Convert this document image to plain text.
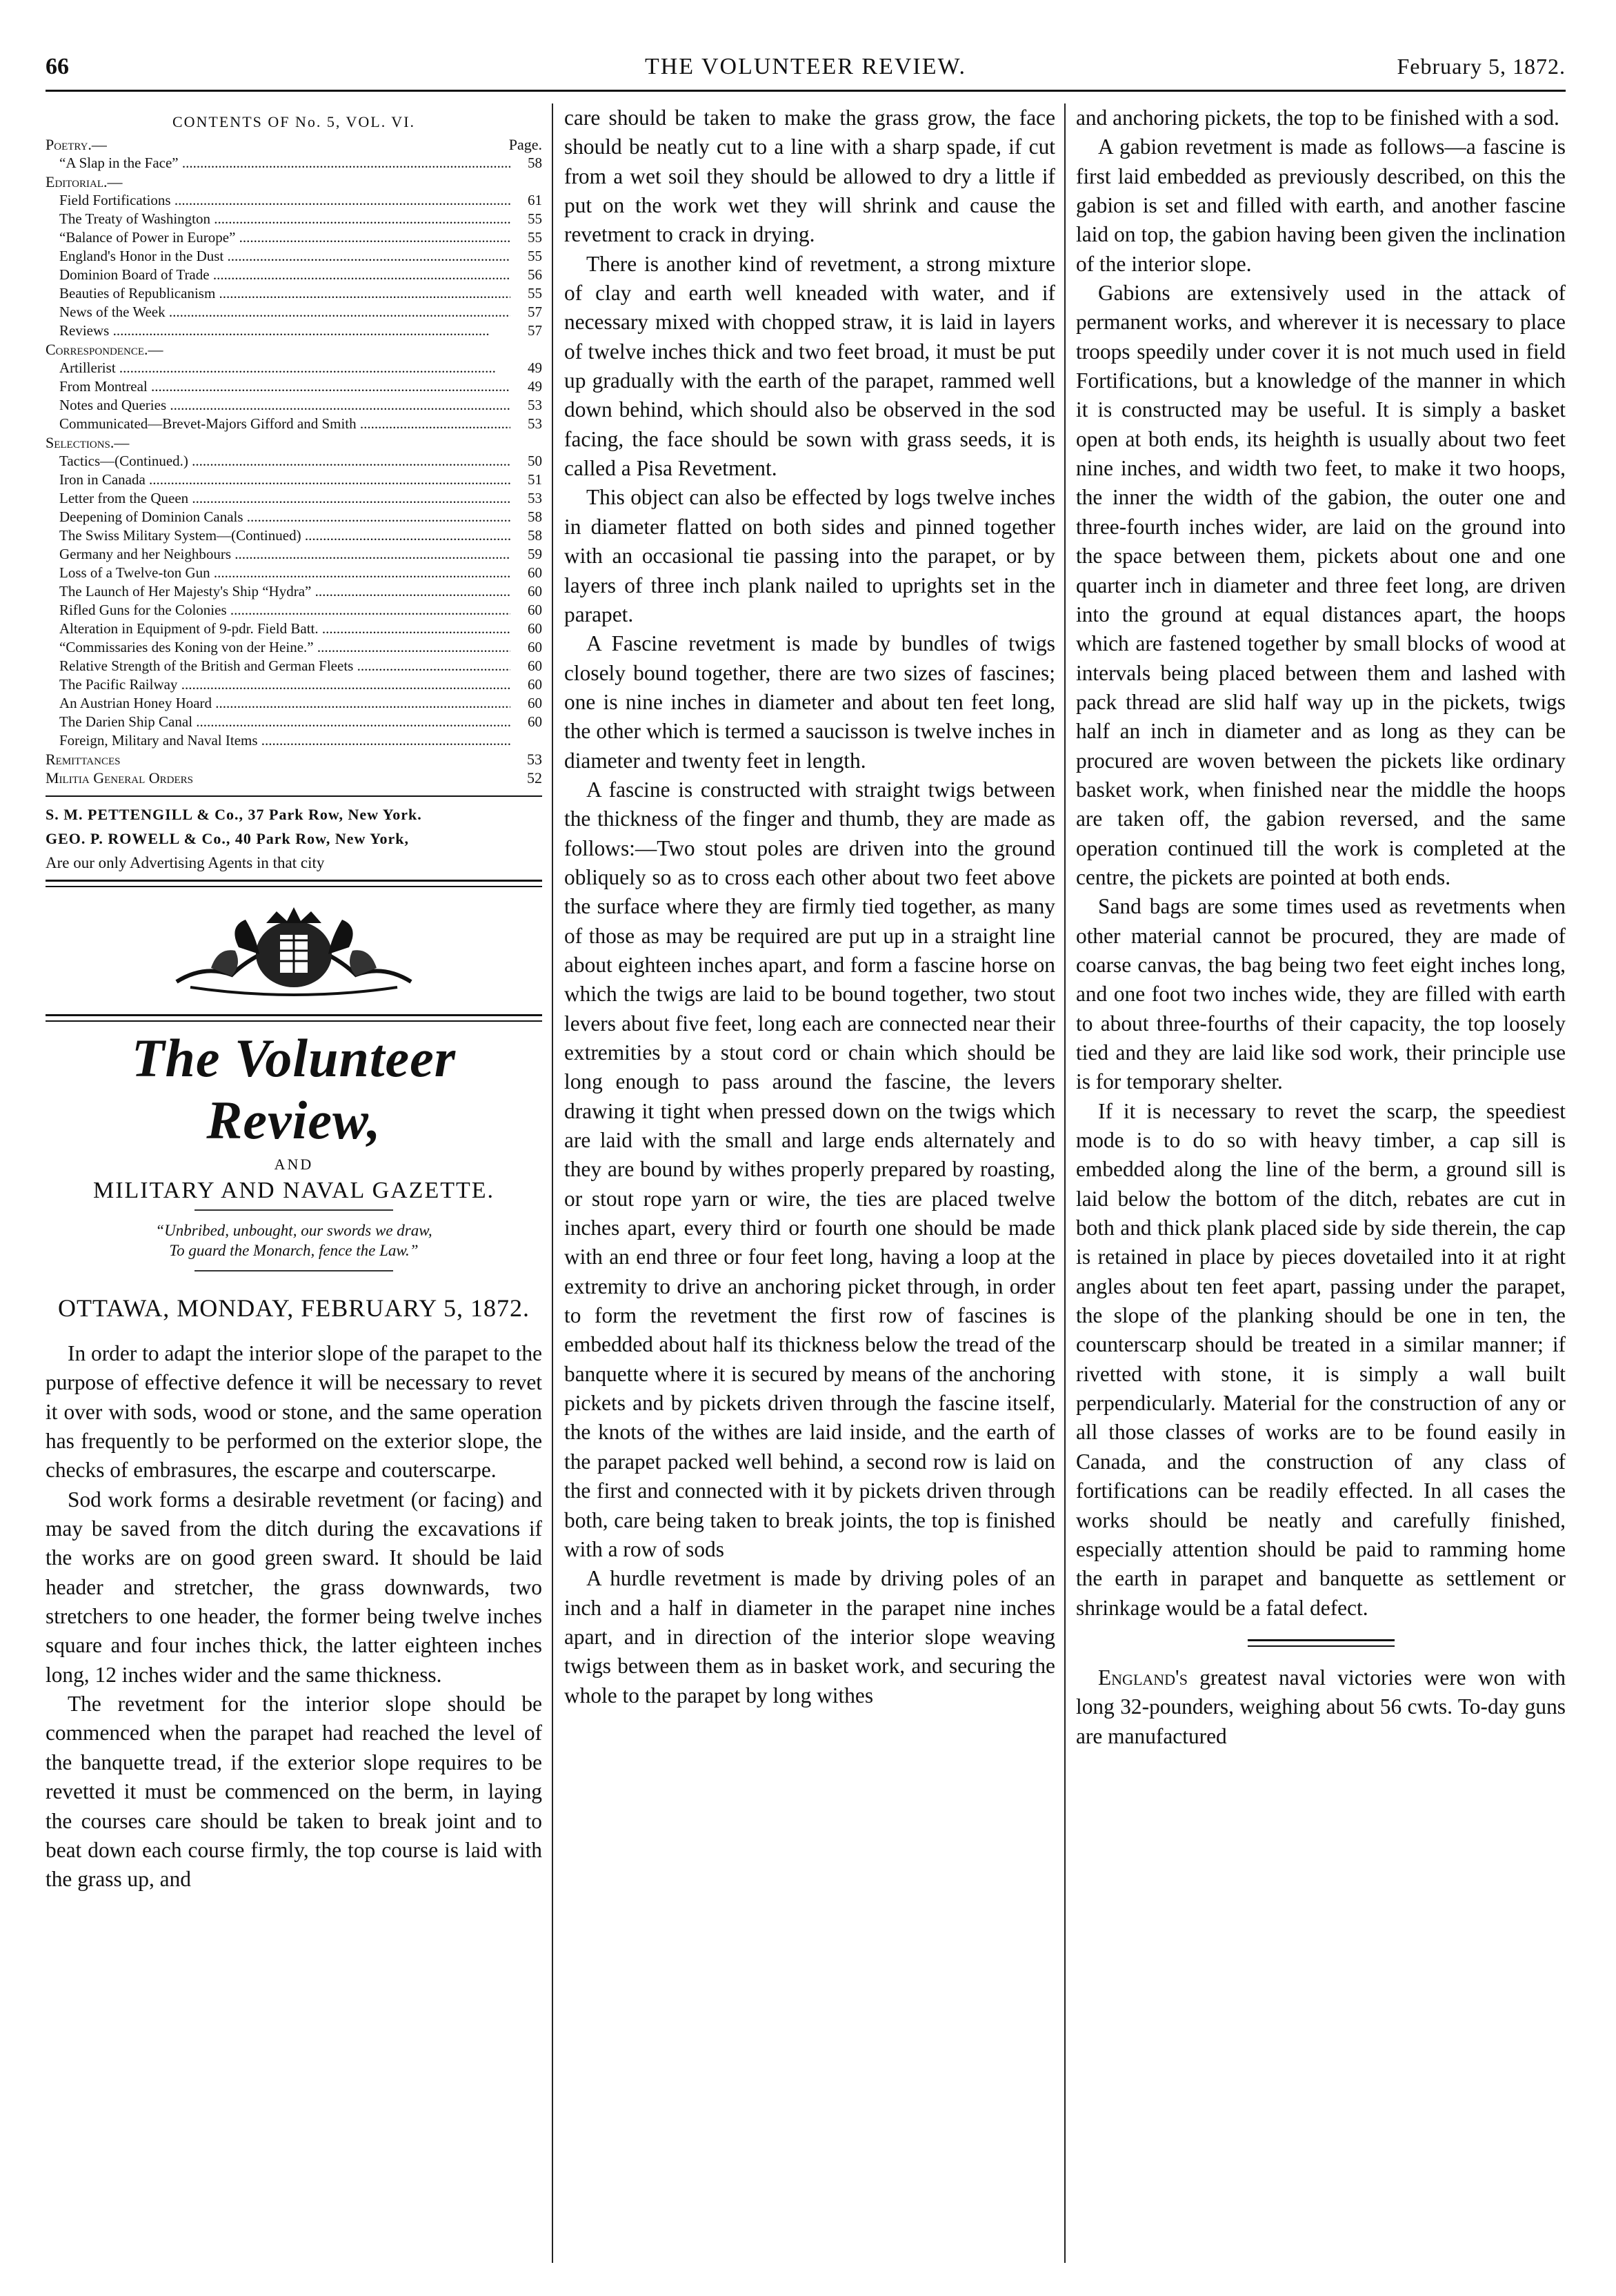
66	THE VOLUNTEER REVIEW.	February 5, 1872.
CONTENTS OF No. 5, VOL. VI.
Poetry.—	Page.
“A Slap in the Face” .....	58
Editorial.—
Field Fortifications .....	61
The Treaty of Washington .....	55
“Balance of Power in Europe” .....	55
England's Honor in the Dust .....	55
Dominion Board of Trade .....	56
Beauties of Republicanism .....	55
News of the Week .....	57
Reviews .....	57
Correspondence.—
Artillerist .....	49
From Montreal .....	49
Notes and Queries .....	53
Communicated—Brevet-Majors Gifford and Smith .....	53
Selections.—
Tactics—(Continued.) .....	50
Iron in Canada .....	51
Letter from the Queen .....	53
Deepening of Dominion Canals .....	58
The Swiss Military System—(Continued) .....	58
Germany and her Neighbours .....	59
Loss of a Twelve-ton Gun .....	60
The Launch of Her Majesty's Ship “Hydra” .....	60
Rifled Guns for the Colonies .....	60
Alteration in Equipment of 9-pdr. Field Batt. .....	60
“Commissaries des Koning von der Heine.” .....	60
Relative Strength of the British and German Fleets .....	60
The Pacific Railway .....	60
An Austrian Honey Hoard .....	60
The Darien Ship Canal .....	60
Foreign, Military and Naval Items .....
Remittances	53
Militia General Orders	52

S. M. PETTENGILL & Co., 37 Park Row, New York.

GEO. P. ROWELL & Co., 40 Park Row, New York,

Are our only Advertising Agents in that city

The Volunteer Review,
AND
MILITARY AND NAVAL GAZETTE.
“Unbribed, unbought, our swords we draw,
To guard the Monarch, fence the Law.”
OTTAWA, MONDAY, FEBRUARY 5, 1872.

In order to adapt the interior slope of the parapet to the purpose of effective defence it will be necessary to revet it over with sods, wood or stone, and the same operation has frequently to be performed on the exterior slope, the checks of embrasures, the escarpe and couterscarpe.

Sod work forms a desirable revetment (or facing) and may be saved from the ditch during the excavations if the works are on good green sward. It should be laid header and stretcher, the grass downwards, two stretchers to one header, the former being twelve inches square and four inches thick, the latter eighteen inches long, 12 inches wider and the same thickness.

The revetment for the interior slope should be commenced when the parapet had reached the level of the banquette tread, if the exterior slope requires to be revetted it must be commenced on the berm, in laying the courses care should be taken to break joint and to beat down each course firmly, the top course is laid with the grass up, and

care should be taken to make the grass grow, the face should be neatly cut to a line with a sharp spade, if cut from a wet soil they should be allowed to dry a little if put on the work wet they will shrink and cause the revetment to crack in drying.

There is another kind of revetment, a strong mixture of clay and earth well kneaded with water, and if necessary mixed with chopped straw, it is laid in layers of twelve inches thick and two feet broad, it must be put up gradually with the earth of the parapet, rammed well down behind, which should also be observed in the sod facing, the face should be sown with grass seeds, it is called a Pisa Revetment.

This object can also be effected by logs twelve inches in diameter flatted on both sides and pinned together with an occasional tie passing into the parapet, or by layers of three inch plank nailed to uprights set in the parapet.

A Fascine revetment is made by bundles of twigs closely bound together, there are two sizes of fascines; one is nine inches in diameter and about ten feet long, the other which is termed a saucisson is twelve inches in diameter and twenty feet in length.

A fascine is constructed with straight twigs between the thickness of the finger and thumb, they are made as follows:—Two stout poles are driven into the ground obliquely so as to cross each other about two feet above the surface where they are firmly tied together, as many of those as may be required are put up in a straight line about eighteen inches apart, and form a fascine horse on which the twigs are laid to be bound together, two stout levers about five feet, long each are connected near their extremities by a stout cord or chain which should be long enough to pass around the fascine, the levers drawing it tight when pressed down on the twigs which are laid with the small and large ends alternately and they are bound by withes properly prepared by roasting, or stout rope yarn or wire, the ties are placed twelve inches apart, every third or fourth one should be made with an end three or four feet long, having a loop at the extremity to drive an anchoring picket through, in order to form the revetment the first row of fascines is embedded about half its thickness below the tread of the banquette where it is secured by means of the anchoring pickets and by pickets driven through the fascine itself, the knots of the withes are laid inside, and the earth of the parapet packed well behind, a second row is laid on the first and connected with it by pickets driven through both, care being taken to break joints, the top is finished with a row of sods

A hurdle revetment is made by driving poles of an inch and a half in diameter in the parapet nine inches apart, and in direction of the interior slope weaving twigs between them as in basket work, and securing the whole to the parapet by long withes

and anchoring pickets, the top to be finished with a sod.

A gabion revetment is made as follows—a fascine is first laid embedded as previously described, on this the gabion is set and filled with earth, and another fascine laid on top, the gabion having been given the inclination of the interior slope.

Gabions are extensively used in the attack of permanent works, and wherever it is necessary to place troops speedily under cover it is not much used in field Fortifications, but a knowledge of the manner in which it is constructed may be useful. It is simply a basket open at both ends, its heighth is usually about two feet nine inches, and width two feet, to make it two hoops, the inner the width of the gabion, the outer one and three-fourth inches wider, are laid on the ground into the space between them, pickets about one and one quarter inch in diameter and three feet long, are driven into the ground at equal distances apart, the hoops which are fastened together by small blocks of wood at intervals being placed between them and lashed with pack thread are slid half way up in the pickets, twigs half an inch in diameter and as long as they can be procured are woven between the pickets like ordinary basket work, when finished near the middle the hoops are taken off, the gabion reversed, and the same operation continued till the work is completed at the centre, the pickets are pointed at both ends.

Sand bags are some times used as revetments when other material cannot be procured, they are made of coarse canvas, the bag being two feet eight inches long, and one foot two inches wide, they are filled with earth to about three-fourths of their capacity, the top loosely tied and they are laid like sod work, their principle use is for temporary shelter.

If it is necessary to revet the scarp, the speediest mode is to do so with heavy timber, a cap sill is embedded along the line of the berm, a ground sill is laid below the bottom of the ditch, rebates are cut in both and thick plank placed side by side therein, the cap is retained in place by pieces dovetailed into it at right angles about ten feet apart, passing under the parapet, the slope of the planking should be one in ten, the counterscarp should be treated in a similar manner; if rivetted with stone, it is simply a wall built perpendicularly. Material for the construction of any or all those classes of works are to be found easily in Canada, and the construction of any class of fortifications can be readily effected. In all cases the works should be neatly and carefully finished, especially attention should be paid to ramming home the earth in parapet and banquette as settlement or shrinkage would be a fatal defect.

England's greatest naval victories were won with long 32-pounders, weighing about 56 cwts. To-day guns are manufactured
